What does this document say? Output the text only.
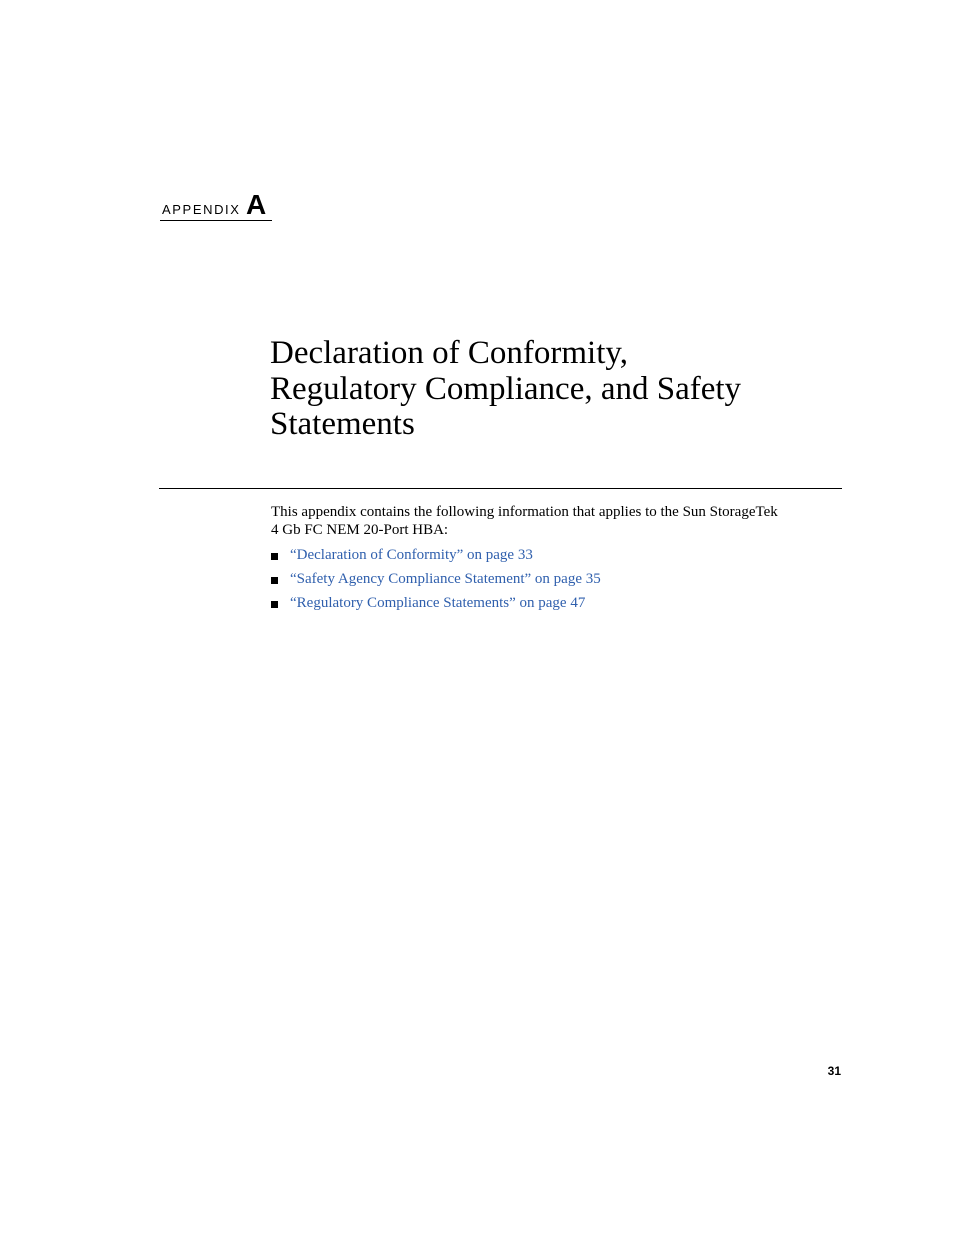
APPENDIX A
Declaration of Conformity,
Regulatory Compliance, and Safety
Statements

This appendix contains the following information that applies to the Sun StorageTek
4 Gb FC NEM 20-Port HBA:

“Declaration of Conformity” on page 33
“Safety Agency Compliance Statement” on page 35
“Regulatory Compliance Statements” on page 47
31
